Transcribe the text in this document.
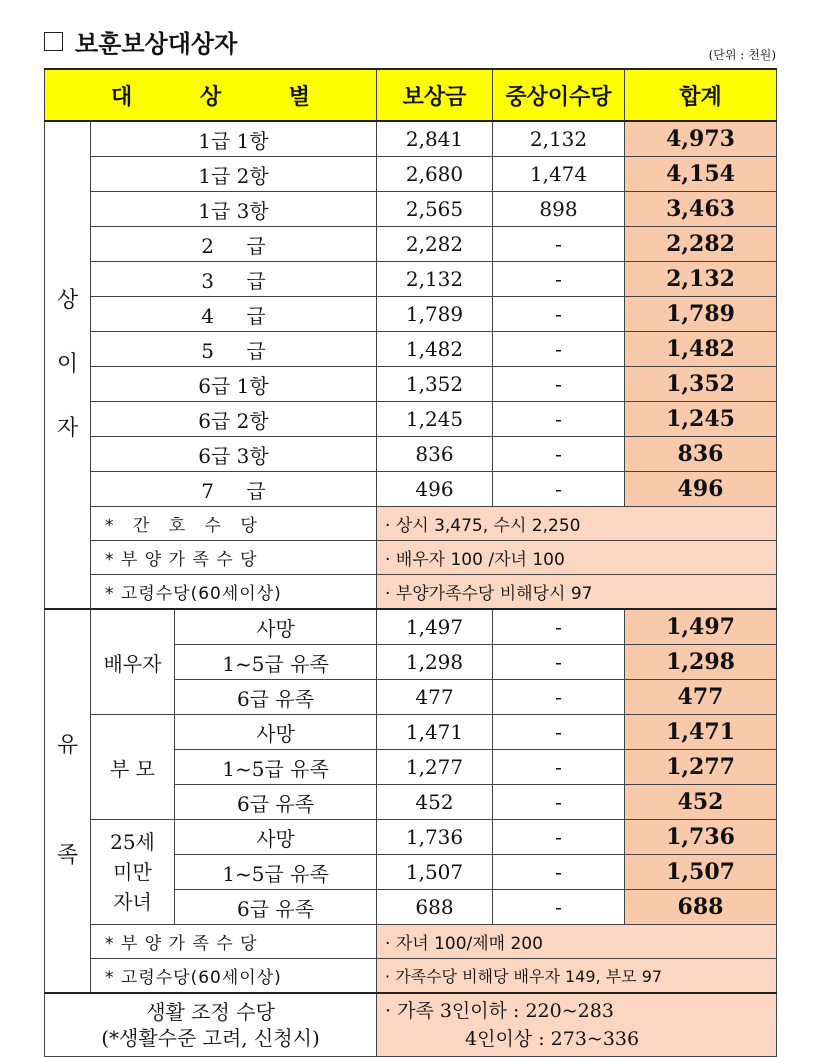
보훈보상대상자	(단위 : 천원)
대 상 별			보상금	중상이수당	합계
상
이
자	1급 1항		2,841	2,132	4,973
	1급 2항		2,680	1,474	4,154
	1급 3항		2,565	898	3,463
	2 급		2,282	-	2,282
	3 급		2,132	-	2,132
	4 급		1,789	-	1,789
	5 급		1,482	-	1,482
	6급 1항		1,352	-	1,352
	6급 2항		1,245	-	1,245
	6급 3항		836	-	836
	7 급		496	-	496
	* 간 호 수 당		· 상시 3,475, 수시 2,250		
	* 부 양 가 족 수 당		· 배우자 100 /자녀 100		
	* 고령수당(60세이상)		· 부양가족수당 비해당시 97		
유
족	배우자	사망	1,497	-	1,497
		1~5급 유족	1,298	-	1,298
		6급 유족	477	-	477
	부 모	사망	1,471	-	1,471
		1~5급 유족	1,277	-	1,277
		6급 유족	452	-	452
	25세
미만
자녀	사망	1,736	-	1,736
		1~5급 유족	1,507	-	1,507
		6급 유족	688	-	688
	* 부 양 가 족 수 당		· 자녀 100/제매 200		
	* 고령수당(60세이상)		· 가족수당 비해당 배우자 149, 부모 97		
생활 조정 수당
(*생활수준 고려, 신청시)			· 가족 3인이하 : 220~283
4인이상 : 273~336		
